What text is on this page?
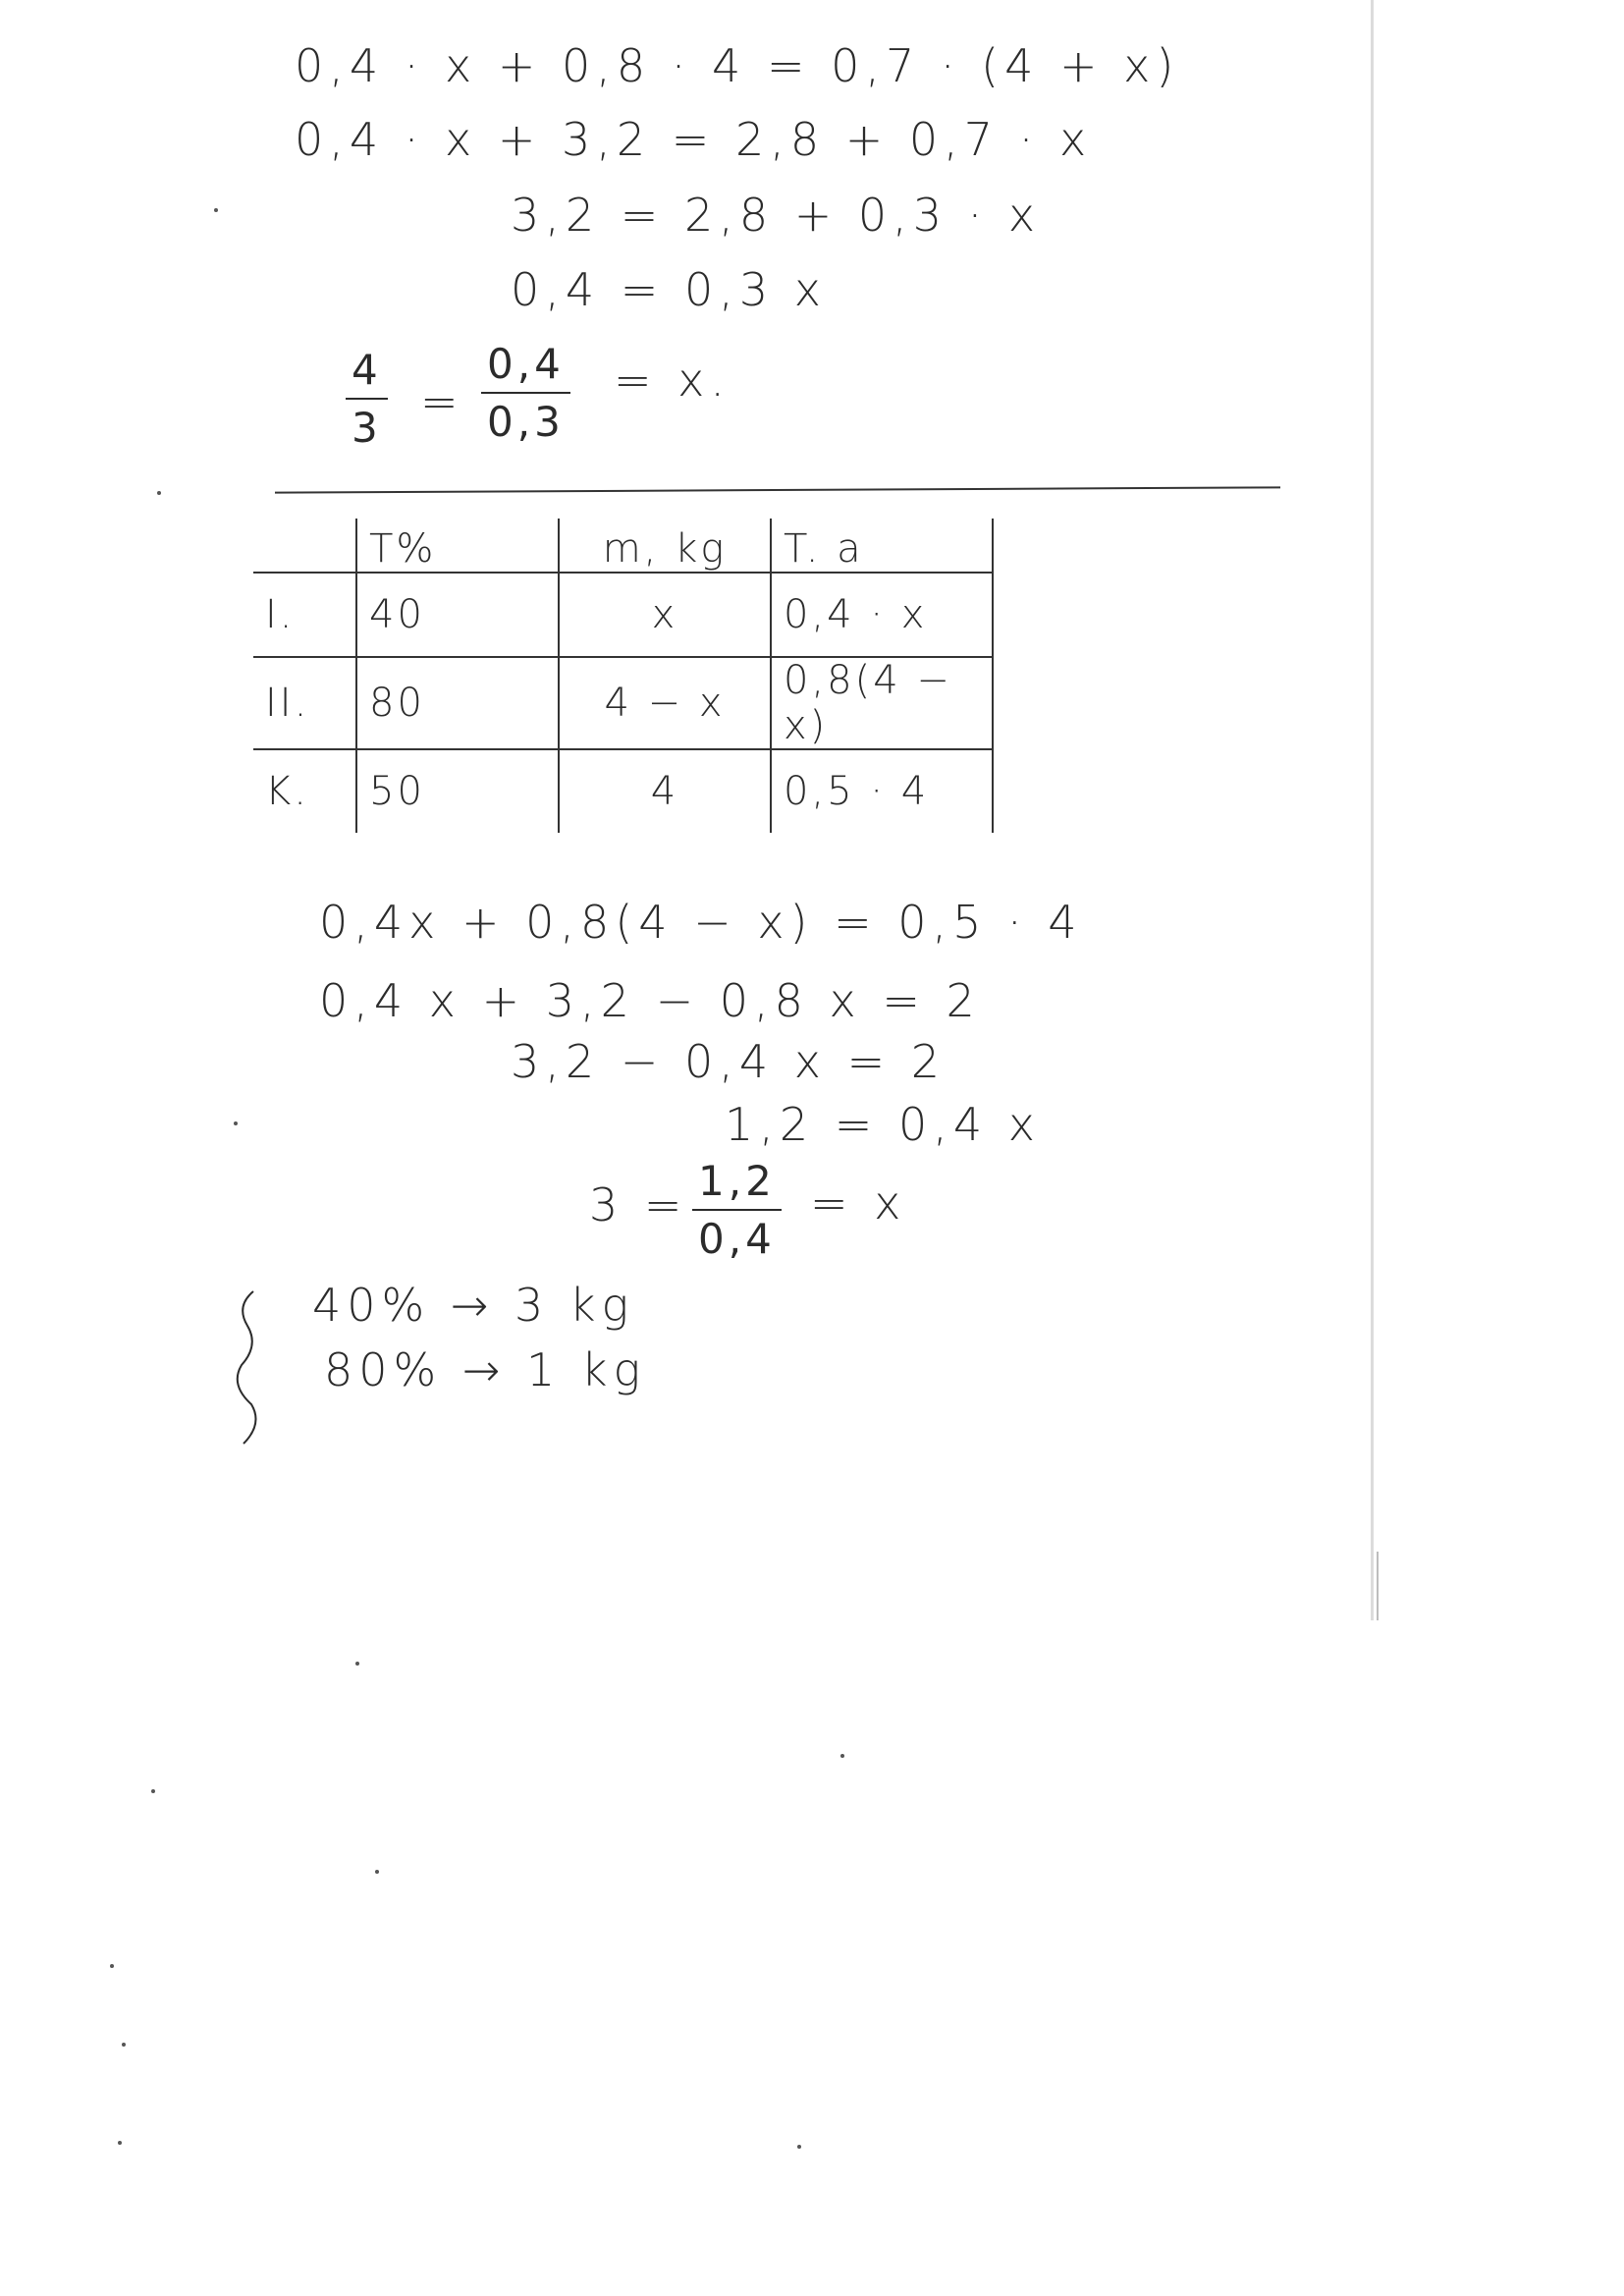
0,4 · x + 0,8 · 4 = 0,7 · (4 + x)
0,4 · x + 3,2 = 2,8 + 0,7 · x
3,2 = 2,8 + 0,3 · x
0,4 = 0,3 x
$\frac{4}{3} = \frac{0,4}{0,3} = x$.
	T%	m, kg	T. a
I.	40	x	0,4 · x
II.	80	4 − x	0,8(4 − x)
K.	50	4	0,5 · 4
0,4x + 0,8(4 − x) = 0,5 · 4
0,4 x + 3,2 − 0,8 x = 2
3,2 − 0,4 x = 2
1,2 = 0,4 x
$3 = \frac{1,2}{0,4} = x$
40% → 3 kg
80% → 1 kg
